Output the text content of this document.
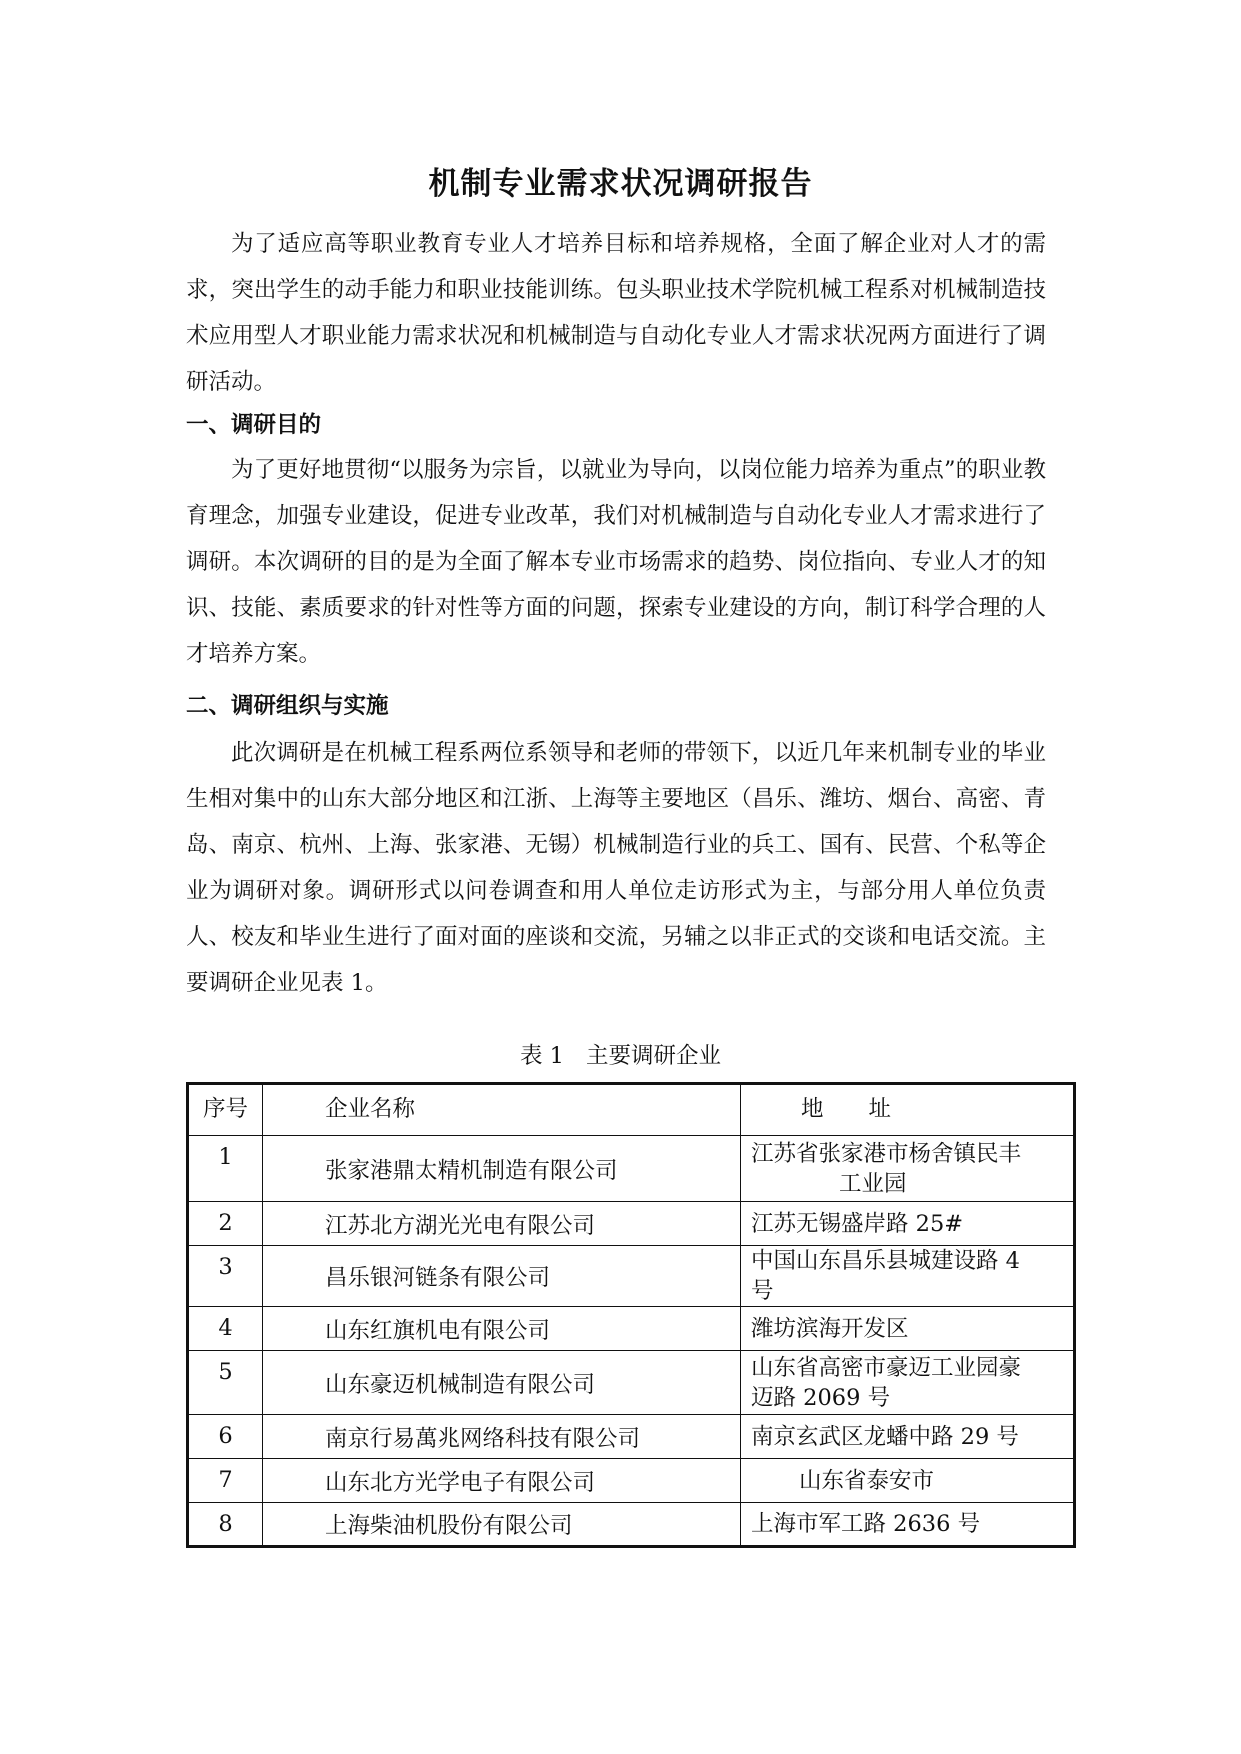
机制专业需求状况调研报告

为了适应高等职业教育专业人才培养目标和培养规格，全面了解企业对人才的需求，突出学生的动手能力和职业技能训练。包头职业技术学院机械工程系对机械制造技术应用型人才职业能力需求状况和机械制造与自动化专业人才需求状况两方面进行了调研活动。

一、调研目的

为了更好地贯彻“以服务为宗旨，以就业为导向，以岗位能力培养为重点”的职业教育理念，加强专业建设，促进专业改革，我们对机械制造与自动化专业人才需求进行了调研。本次调研的目的是为全面了解本专业市场需求的趋势、岗位指向、专业人才的知识、技能、素质要求的针对性等方面的问题，探索专业建设的方向，制订科学合理的人才培养方案。

二、调研组织与实施

此次调研是在机械工程系两位系领导和老师的带领下，以近几年来机制专业的毕业生相对集中的山东大部分地区和江浙、上海等主要地区（昌乐、潍坊、烟台、高密、青岛、南京、杭州、上海、张家港、无锡）机械制造行业的兵工、国有、民营、个私等企业为调研对象。调研形式以问卷调查和用人单位走访形式为主，与部分用人单位负责人、校友和毕业生进行了面对面的座谈和交流，另辅之以非正式的交谈和电话交流。主要调研企业见表 1。

表 1 主要调研企业
序号	企业名称	地　　址
1	张家港鼎太精机制造有限公司	江苏省张家港市杨舍镇民丰
工业园

2	江苏北方湖光光电有限公司	江苏无锡盛岸路 25#

3	昌乐银河链条有限公司	中国山东昌乐县城建设路 4
号

4	山东红旗机电有限公司	潍坊滨海开发区

5	山东豪迈机械制造有限公司	山东省高密市豪迈工业园豪
迈路 2069 号

6	南京行易萬兆网络科技有限公司	南京玄武区龙蟠中路 29 号

7	山东北方光学电子有限公司	山东省泰安市

8	上海柴油机股份有限公司	上海市军工路 2636 号
